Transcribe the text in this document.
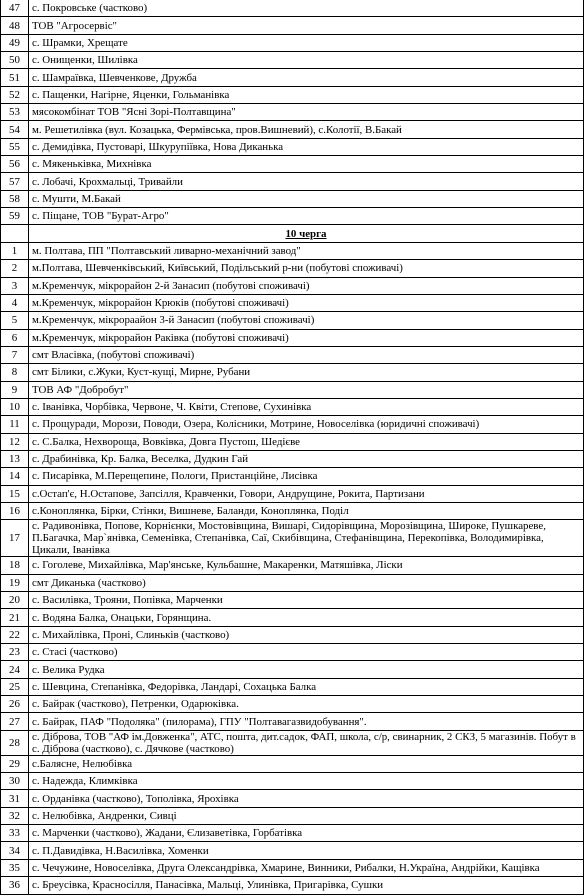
47	с. Покровське (частково)
48	ТОВ "Агросервіс"
49	с. Шрамки, Хрещате
50	с. Онищенки, Шилівка
51	с. Шамраївка, Шевченкове, Дружба
52	с. Пащенки, Нагірне, Яценки, Гольманівка
53	мясокомбінат ТОВ "Ясні Зорі-Полтавщина"
54	м. Решетилівка (вул. Козацька, Фермівська, пров.Вишневий), с.Колотії, В.Бакай
55	с. Демидівка, Пустоварі, Шкурупіївка, Нова Диканька
56	с. Мякенькiвка, Михнiвка
57	с. Лобачі, Крохмальці, Тривайли
58	с. Мушти, М.Бакай
59	с. Піщане, ТОВ "Бурат-Агро"
	10 черга
1	м. Полтава, ПП "Полтавський ливарно-механічний завод"
2	м.Полтава, Шевченківський, Київський, Подільський р-ни (побутові споживачі)
3	м.Кременчук, мікрорайон 2-й Занасип (побутові споживачі)
4	м.Кременчук, мікрорайон Крюків (побутові споживачі)
5	м.Кременчук, мікрораайон 3-й Занасип (побутові споживачі)
6	м.Кременчук, мікрорайон Раківка (побутові споживачі)
7	смт Власівка, (побутові споживачі)
8	смт Білики, с.Жуки, Куст-кущі, Мирне, Рубани
9	ТОВ АФ "Добробут"
10	с. Іванівка, Чорбівка, Червоне, Ч. Квіти, Степове, Сухинівка
11	с. Прощуради, Морози, Поводи, Озера, Колісники, Мотрине, Новоселівка (юридичні споживачі)
12	с. С.Балка, Нехвороща, Вовківка, Довга Пустош, Шедієве
13	с. Драбинівка, Кр. Балка, Веселка, Дудкин Гай
14	с. Писарівка, М.Перещепине, Пологи, Пристанційне, Лисівка
15	с.Остап'є, Н.Остапове, Запсілля, Кравченки, Говори, Андрущине, Рокита, Партизани
16	с.Коноплянка, Бірки, Стінки, Вишневе, Баланди, Коноплянка, Поділ
17	с. Радивонівка, Попове, Корнієнки, Мостовівщина, Вишарі, Сидорівщина, Морозівщина, Широке, Пушкареве, П.Багачка, Мар`янівка, Семенівка, Степанівка, Саї, Скибівщина, Стефанівщина, Перекопівка, Володимирівка, Цикали, Іванівка
18	с. Гоголеве, Михайлівка, Мар'янське, Кульбашне, Макаренки, Матяшівка, Ліски
19	смт Диканька (частково)
20	с. Василівка, Трояни, Попівка, Марченки
21	с. Водяна Балка, Онацьки, Горянщина.
22	с. Михайлівка, Проні, Слиньків (частково)
23	с. Стасі (частково)
24	с. Велика Рудка
25	с. Шевцина, Степанівка, Федорівка, Ландарі, Сохацька Балка
26	с. Байрак (частково), Петренки, Одарюківка.
27	с. Байрак, ПАФ "Подоляка" (пилорама), ГПУ "Полтавагазвидобування".
28	с. Діброва, ТОВ "АФ ім.Довженка", АТС, пошта, дит.садок, ФАП, школа, с/р, свинарник, 2 СКЗ, 5 магазинів. Побут в с. Діброва (частково), с. Дячкове (частково)
29	с.Баляснe, Нелюбівка
30	с. Надежда, Климківка
31	с. Орданівка (частково), Тополівка, Ярохівка
32	с. Нелюбівка, Андренки, Сивці
33	с. Марченки (частково), Жадани, Єлизаветівка, Горбатівка
34	с. П.Давидівка, Н.Василівка, Хоменки
35	с. Чечужине, Новоселівка, Друга Олександрівка, Хмарине, Винники, Рибалки, Н.Україна, Андрійки, Кащівка
36	с. Бреусівка, Красносілля, Панасівка, Мальці, Улинівка, Пригарівка, Сушки
